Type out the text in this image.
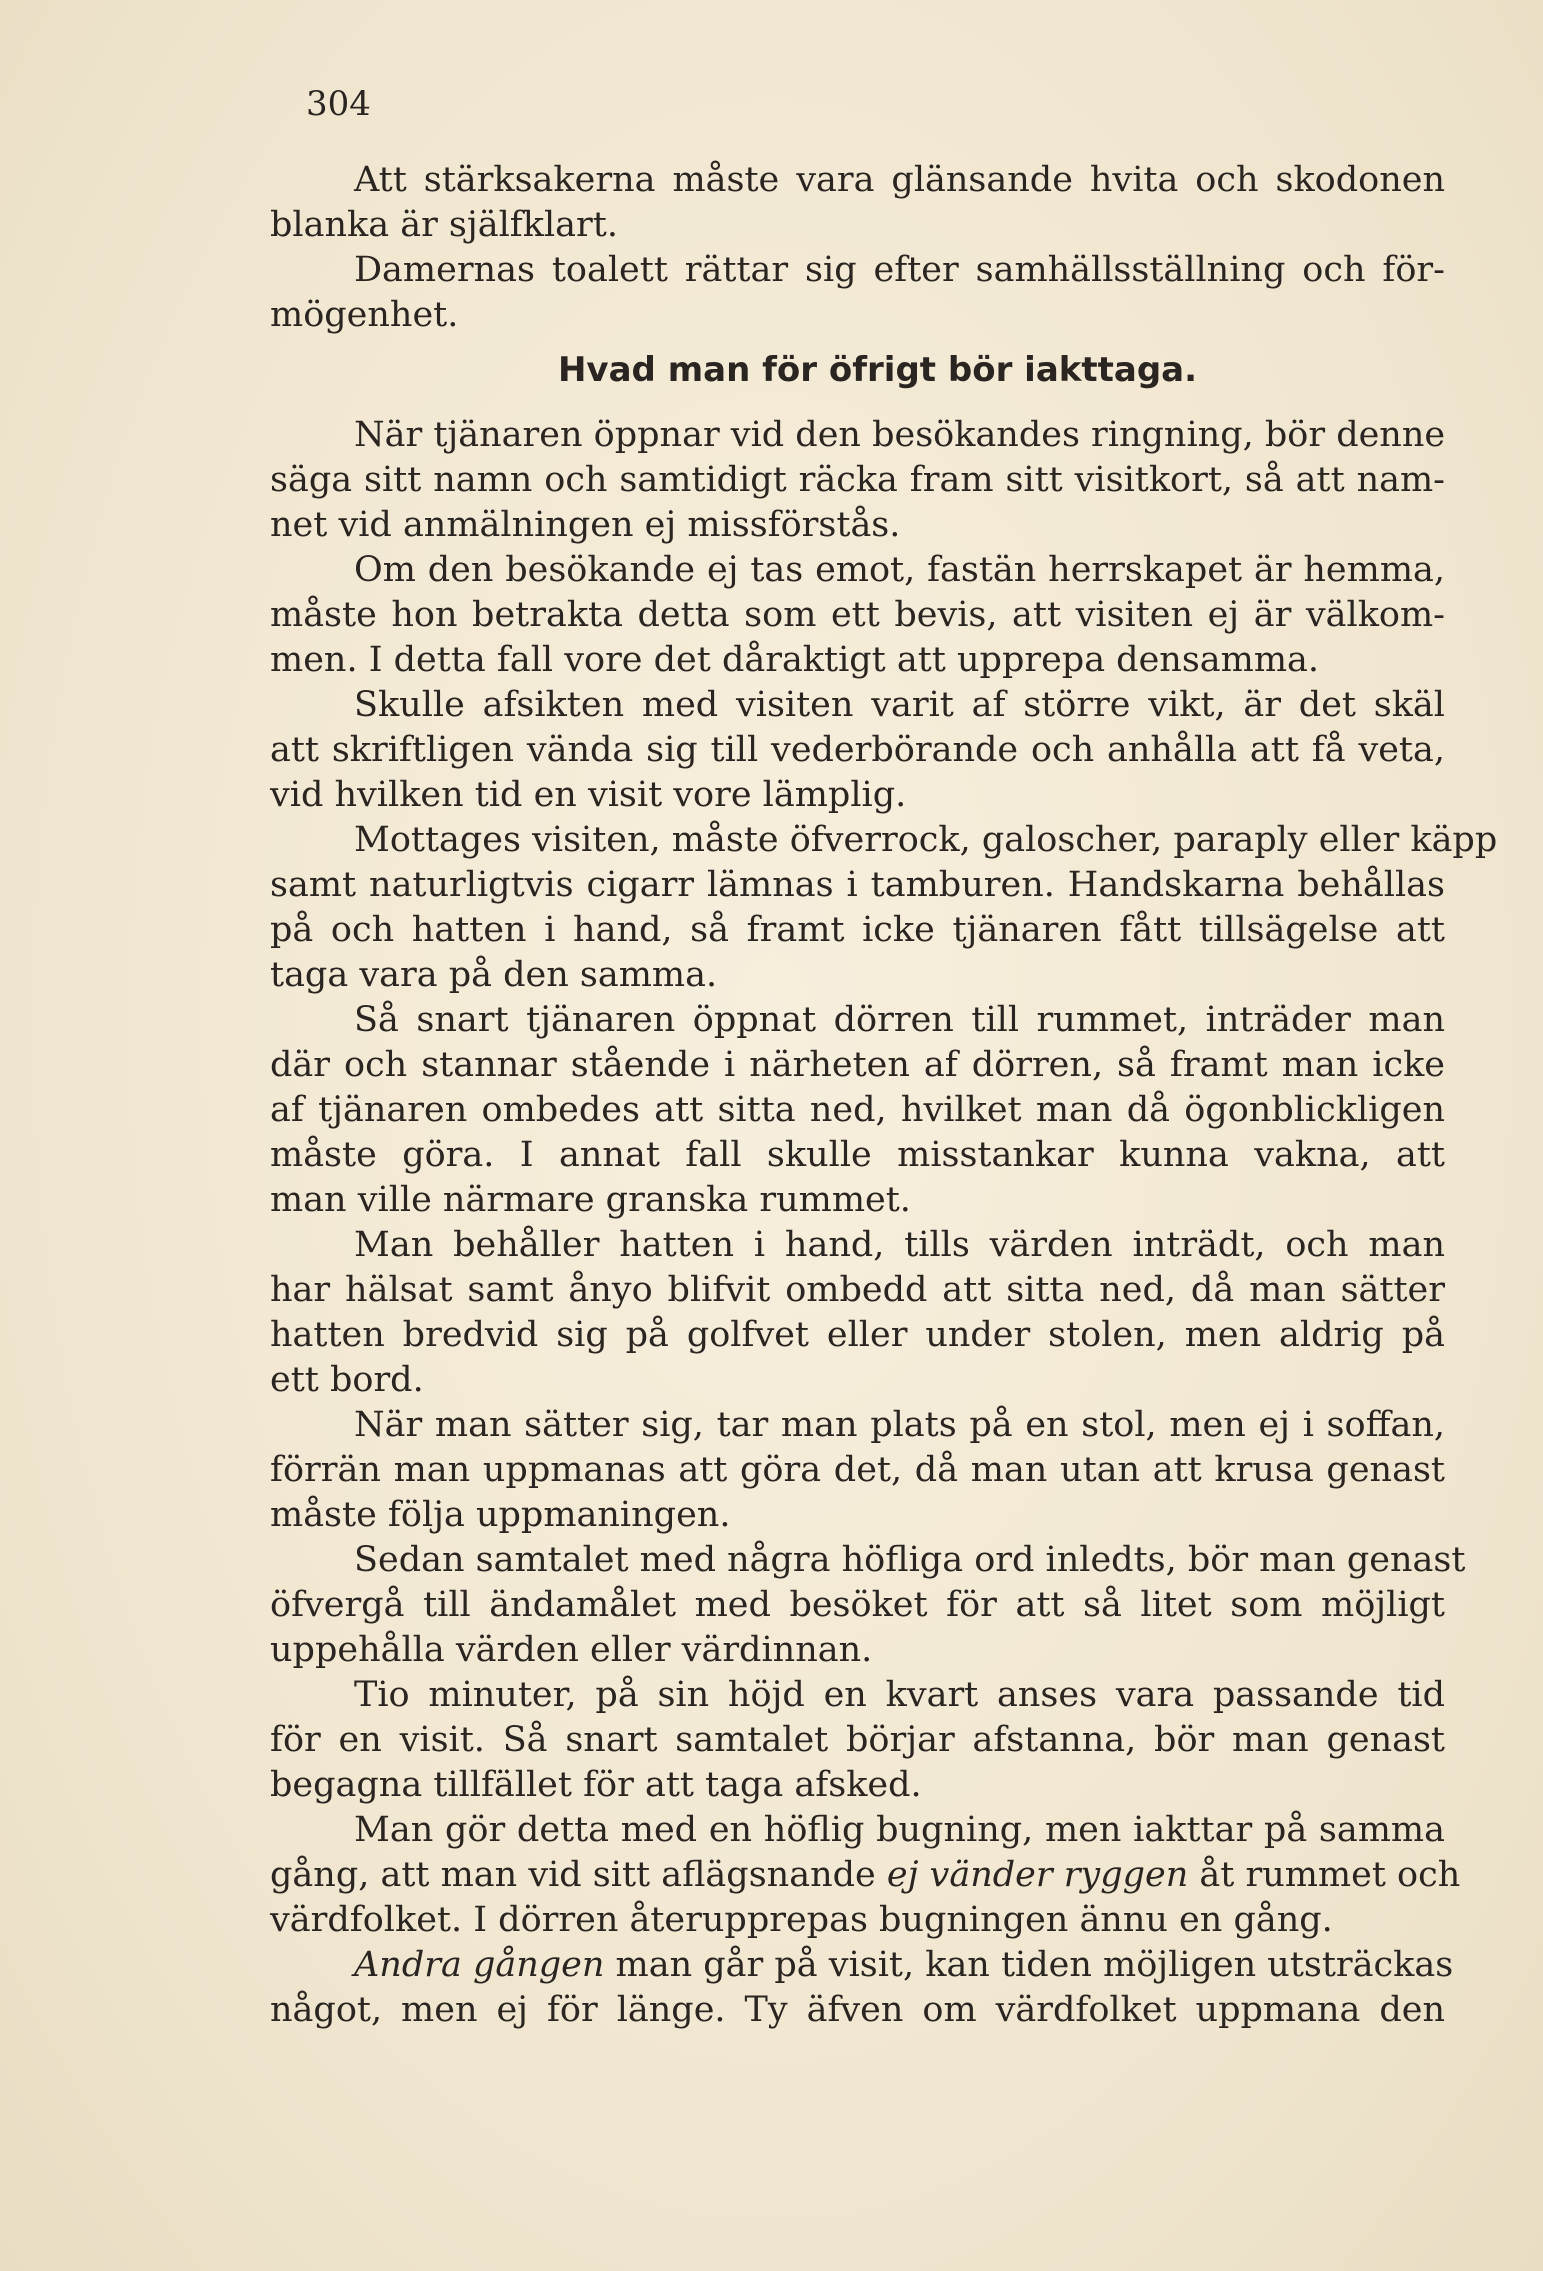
304
Att stärksakerna måste vara glänsande hvita och skodonen
blanka är själfklart.
Damernas toalett rättar sig efter samhällsställning och för-
mögenhet.
Hvad man för öfrigt bör iakttaga.
När tjänaren öppnar vid den besökandes ringning, bör denne
säga sitt namn och samtidigt räcka fram sitt visitkort, så att nam-
net vid anmälningen ej missförstås.
Om den besökande ej tas emot, fastän herrskapet är hemma,
måste hon betrakta detta som ett bevis, att visiten ej är välkom-
men. I detta fall vore det dåraktigt att upprepa densamma.
Skulle afsikten med visiten varit af större vikt, är det skäl
att skriftligen vända sig till vederbörande och anhålla att få veta,
vid hvilken tid en visit vore lämplig.
Mottages visiten, måste öfverrock, galoscher, paraply eller käpp
samt naturligtvis cigarr lämnas i tamburen. Handskarna behållas
på och hatten i hand, så framt icke tjänaren fått tillsägelse att
taga vara på den samma.
Så snart tjänaren öppnat dörren till rummet, inträder man
där och stannar stående i närheten af dörren, så framt man icke
af tjänaren ombedes att sitta ned, hvilket man då ögonblickligen
måste göra. I annat fall skulle misstankar kunna vakna, att
man ville närmare granska rummet.
Man behåller hatten i hand, tills värden inträdt, och man
har hälsat samt ånyo blifvit ombedd att sitta ned, då man sätter
hatten bredvid sig på golfvet eller under stolen, men aldrig på
ett bord.
När man sätter sig, tar man plats på en stol, men ej i soffan,
förrän man uppmanas att göra det, då man utan att krusa genast
måste följa uppmaningen.
Sedan samtalet med några höfliga ord inledts, bör man genast
öfvergå till ändamålet med besöket för att så litet som möjligt
uppehålla värden eller värdinnan.
Tio minuter, på sin höjd en kvart anses vara passande tid
för en visit. Så snart samtalet börjar afstanna, bör man genast
begagna tillfället för att taga afsked.
Man gör detta med en höflig bugning, men iakttar på samma
gång, att man vid sitt aflägsnande ej vänder ryggen åt rummet och
värdfolket. I dörren återupprepas bugningen ännu en gång.
Andra gången man går på visit, kan tiden möjligen utsträckas
något, men ej för länge. Ty äfven om värdfolket uppmana den
